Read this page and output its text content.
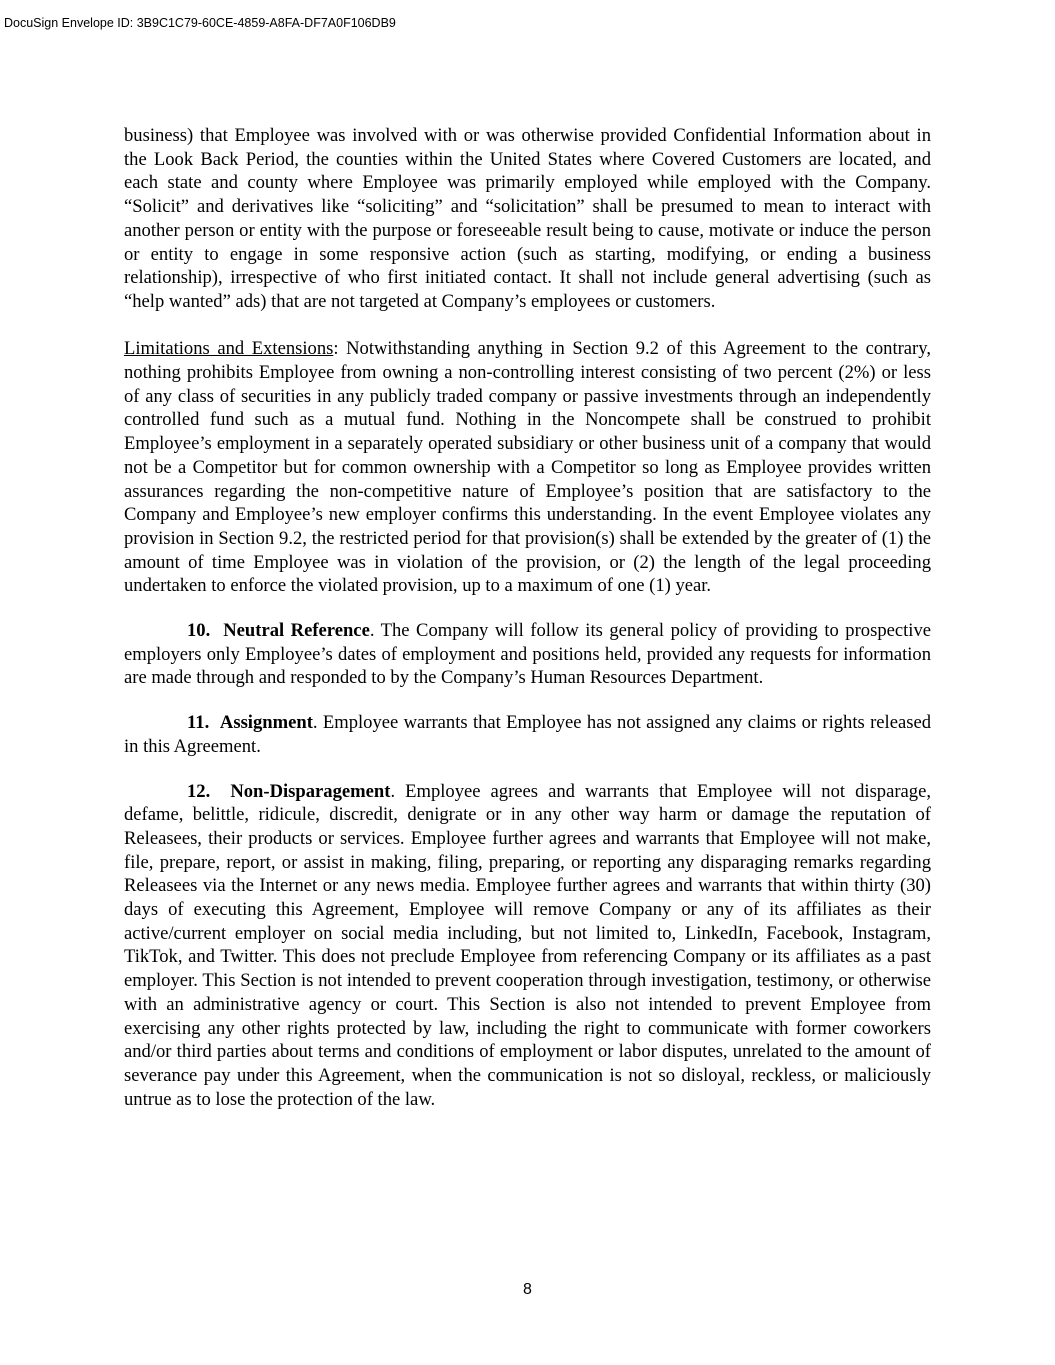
DocuSign Envelope ID: 3B9C1C79-60CE-4859-A8FA-DF7A0F106DB9

business) that Employee was involved with or was otherwise provided Confidential Information about in the Look Back Period, the counties within the United States where Covered Customers are located, and each state and county where Employee was primarily employed while employed with the Company. “Solicit” and derivatives like “soliciting” and “solicitation” shall be presumed to mean to interact with another person or entity with the purpose or foreseeable result being to cause, motivate or induce the person or entity to engage in some responsive action (such as starting, modifying, or ending a business relationship), irrespective of who first initiated contact. It shall not include general advertising (such as “help wanted” ads) that are not targeted at Company’s employees or customers.

Limitations and Extensions: Notwithstanding anything in Section 9.2 of this Agreement to the contrary, nothing prohibits Employee from owning a non-controlling interest consisting of two percent (2%) or less of any class of securities in any publicly traded company or passive investments through an independently controlled fund such as a mutual fund. Nothing in the Noncompete shall be construed to prohibit Employee’s employment in a separately operated subsidiary or other business unit of a company that would not be a Competitor but for common ownership with a Competitor so long as Employee provides written assurances regarding the non-competitive nature of Employee’s position that are satisfactory to the Company and Employee’s new employer confirms this understanding. In the event Employee violates any provision in Section 9.2, the restricted period for that provision(s) shall be extended by the greater of (1) the amount of time Employee was in violation of the provision, or (2) the length of the legal proceeding undertaken to enforce the violated provision, up to a maximum of one (1) year.

10. Neutral Reference. The Company will follow its general policy of providing to prospective employers only Employee’s dates of employment and positions held, provided any requests for information are made through and responded to by the Company’s Human Resources Department.

11. Assignment. Employee warrants that Employee has not assigned any claims or rights released in this Agreement.

12. Non-Disparagement. Employee agrees and warrants that Employee will not disparage, defame, belittle, ridicule, discredit, denigrate or in any other way harm or damage the reputation of Releasees, their products or services. Employee further agrees and warrants that Employee will not make, file, prepare, report, or assist in making, filing, preparing, or reporting any disparaging remarks regarding Releasees via the Internet or any news media. Employee further agrees and warrants that within thirty (30) days of executing this Agreement, Employee will remove Company or any of its affiliates as their active/current employer on social media including, but not limited to, LinkedIn, Facebook, Instagram, TikTok, and Twitter. This does not preclude Employee from referencing Company or its affiliates as a past employer. This Section is not intended to prevent cooperation through investigation, testimony, or otherwise with an administrative agency or court. This Section is also not intended to prevent Employee from exercising any other rights protected by law, including the right to communicate with former coworkers and/or third parties about terms and conditions of employment or labor disputes, unrelated to the amount of severance pay under this Agreement, when the communication is not so disloyal, reckless, or maliciously untrue as to lose the protection of the law.

8
